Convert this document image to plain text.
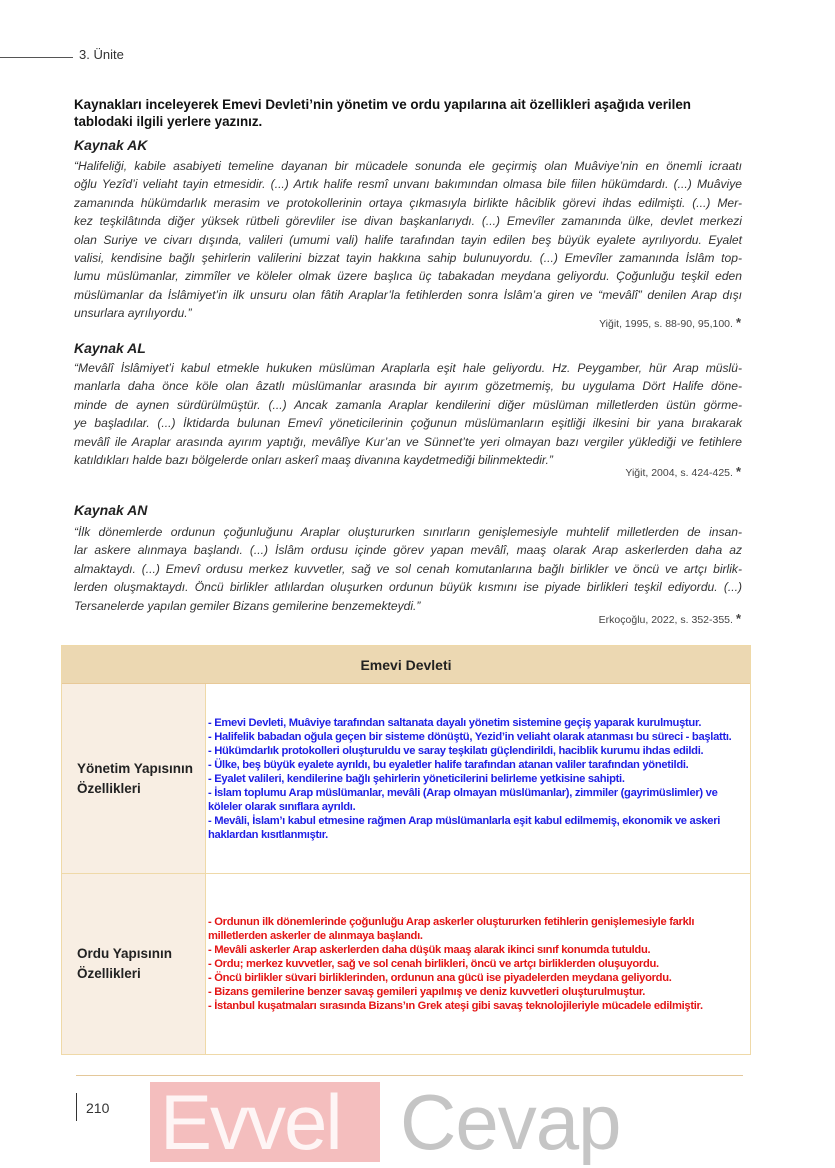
3. Ünite
Kaynakları inceleyerek Emevi Devleti’nin yönetim ve ordu yapılarına ait özellikleri aşağıda verilen tablodaki ilgili yerlere yazınız.
Kaynak AK
“Halifeliği, kabile asabiyeti temeline dayanan bir mücadele sonunda ele geçirmiş olan Muâviye’nin en önemli icraatı
oğlu Yezîd’i veliaht tayin etmesidir. (...) Artık halife resmî unvanı bakımından olmasa bile fiilen hükümdardı. (...) Muâviye
zamanında hükümdarlık merasim ve protokollerinin ortaya çıkmasıyla birlikte hâciblik görevi ihdas edilmişti. (...) Mer-
kez teşkilâtında diğer yüksek rütbeli görevliler ise divan başkanlarıydı. (...) Emevîler zamanında ülke, devlet merkezi
olan Suriye ve civarı dışında, valileri (umumi vali) halife tarafından tayin edilen beş büyük eyalete ayrılıyordu. Eyalet
valisi, kendisine bağlı şehirlerin valilerini bizzat tayin hakkına sahip bulunuyordu. (...) Emevîler zamanında İslâm top-
lumu müslümanlar, zimmîler ve köleler olmak üzere başlıca üç tabakadan meydana geliyordu. Çoğunluğu teşkil eden
müslümanlar da İslâmiyet’in ilk unsuru olan fâtih Araplar’la fetihlerden sonra İslâm’a giren ve “mevâlî” denilen Arap dışı
unsurlara ayrılıyordu.”
Yiğit, 1995, s. 88-90, 95,100. *
Kaynak AL
“Mevâlî İslâmiyet’i kabul etmekle hukuken müslüman Araplarla eşit hale geliyordu. Hz. Peygamber, hür Arap müslü-
manlarla daha önce köle olan âzatlı müslümanlar arasında bir ayırım gözetmemiş, bu uygulama Dört Halife döne-
minde de aynen sürdürülmüştür. (...) Ancak zamanla Araplar kendilerini diğer müslüman milletlerden üstün görme-
ye başladılar. (...) İktidarda bulunan Emevî yöneticilerinin çoğunun müslümanların eşitliği ilkesini bir yana bırakarak
mevâlî ile Araplar arasında ayırım yaptığı, mevâlîye Kur’an ve Sünnet’te yeri olmayan bazı vergiler yüklediği ve fetihlere
katıldıkları halde bazı bölgelerde onları askerî maaş divanına kaydetmediği bilinmektedir.”
Yiğit, 2004, s. 424-425. *
Kaynak AN
“İlk dönemlerde ordunun çoğunluğunu Araplar oluştururken sınırların genişlemesiyle muhtelif milletlerden de insan-
lar askere alınmaya başlandı. (...) İslâm ordusu içinde görev yapan mevâlî, maaş olarak Arap askerlerden daha az
almaktaydı. (...) Emevî ordusu merkez kuvvetler, sağ ve sol cenah komutanlarına bağlı birlikler ve öncü ve artçı birlik-
lerden oluşmaktaydı. Öncü birlikler atlılardan oluşurken ordunun büyük kısmını ise piyade birlikleri teşkil ediyordu. (...)
Tersanelerde yapılan gemiler Bizans gemilerine benzemekteydi.”
Erkoçoğlu, 2022, s. 352-355. *
Emevi Devleti
Yönetim Yapısının
Özellikleri
- Emevi Devleti, Muâviye tarafından saltanata dayalı yönetim sistemine geçiş yaparak kurulmuştur.
- Halifelik babadan oğula geçen bir sisteme dönüştü, Yezid’in veliaht olarak atanması bu süreci - başlattı.
- Hükümdarlık protokolleri oluşturuldu ve saray teşkilatı güçlendirildi, haciblik kurumu ihdas edildi.
- Ülke, beş büyük eyalete ayrıldı, bu eyaletler halife tarafından atanan valiler tarafından yönetildi.
- Eyalet valileri, kendilerine bağlı şehirlerin yöneticilerini belirleme yetkisine sahipti.
- İslam toplumu Arap müslümanlar, mevâli (Arap olmayan müslümanlar), zimmiler (gayrimüslimler) ve köleler olarak sınıflara ayrıldı.
- Mevâli, İslam’ı kabul etmesine rağmen Arap müslümanlarla eşit kabul edilmemiş, ekonomik ve askeri haklardan kısıtlanmıştır.
Ordu Yapısının
Özellikleri
- Ordunun ilk dönemlerinde çoğunluğu Arap askerler oluştururken fetihlerin genişlemesiyle farklı milletlerden askerler de alınmaya başlandı.
- Mevâli askerler Arap askerlerden daha düşük maaş alarak ikinci sınıf konumda tutuldu.
- Ordu; merkez kuvvetler, sağ ve sol cenah birlikleri, öncü ve artçı birliklerden oluşuyordu.
- Öncü birlikler süvari birliklerinden, ordunun ana gücü ise piyadelerden meydana geliyordu.
- Bizans gemilerine benzer savaş gemileri yapılmış ve deniz kuvvetleri oluşturulmuştur.
- İstanbul kuşatmaları sırasında Bizans’ın Grek ateşi gibi savaş teknolojileriyle mücadele edilmiştir.
210 Evvel Cevap
